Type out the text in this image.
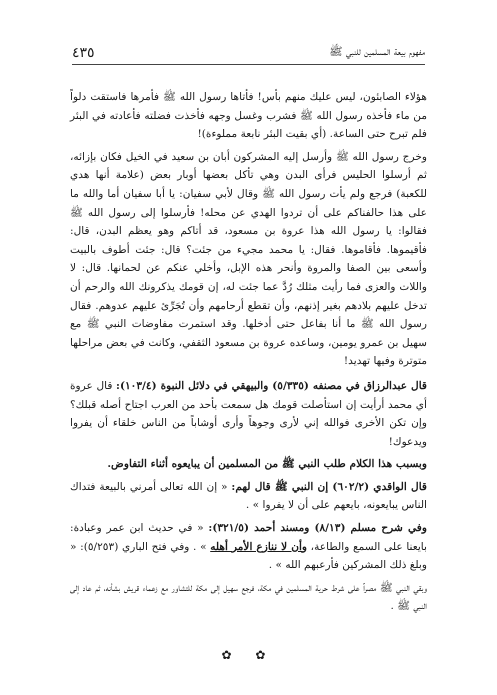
٤٣٥	مفهوم بيعة المسلمين للنبي ﷺ

هؤلاء الصابئون، ليس عليك منهم بأس! فأتاها رسول الله ﷺ فأمرها فاستقت دلواً من ماء فأخذه رسول الله ﷺ فشرب وغسل وجهه فأخذت فضلته فأعادته في البئر فلم تبرح حتى الساعة. (أي بقيت البئر نابعة مملوءة)!

وخرج رسول الله ﷺ وأرسل إليه المشركون أبان بن سعيد في الخيل فكان بإزائه، ثم أرسلوا الحليس فرأى البدن وهي تأكل بعضها أوبار بعض (علامة أنها هدي للكعبة) فرجع ولم يأت رسول الله ﷺ وقال لأبي سفيان: يا أبا سفيان أما والله ما على هذا حالفناكم على أن تردوا الهدي عن محله! فأرسلوا إلى رسول الله ﷺ فقالوا: يا رسول الله هذا عروة بن مسعود، قد أتاكم وهو يعظم البدن، قال: فأقيموها. فأقاموها. فقال: يا محمد مجيء من جئت؟ قال: جئت أطوف بالبيت وأسعى بين الصفا والمروة وأنحر هذه الإبل، وأخلي عنكم عن لحمانها. قال: لا واللات والعزى فما رأيت مثلك رُدَّ عما جئت له، إن قومك يذكرونك الله والرحم أن تدخل عليهم بلادهم بغير إذنهم، وأن تقطع أرحامهم وأن تُجَرِّئ عليهم عدوهم. فقال رسول الله ﷺ ما أنا بفاعل حتى أدخلها. وقد استمرت مفاوضات النبي ﷺ مع سهيل بن عمرو يومين، وساعده عروة بن مسعود الثقفي، وكانت في بعض مراحلها متوترة وفيها تهديد!

قال عبدالرزاق في مصنفه (٥/٣٣٥) والبيهقي في دلائل النبوة (١٠٣/٤): قال عروة أي محمد أرأيت إن استأصلت قومك هل سمعت بأحد من العرب اجتاح أصله قبلك؟ وإن تكن الأخرى فوالله إني لأرى وجوهاً وأرى أوشاباً من الناس خلقاء أن يفروا ويدعوك!

وبسبب هذا الكلام طلب النبي ﷺ من المسلمين أن يبايعوه أثناء التفاوض.

قال الواقدي (٦٠٢/٢) إن النبي ﷺ قال لهم: « إن الله تعالى أمرني بالبيعة فتداك الناس يبايعونه، بايعهم على أن لا يفروا » .

وفي شرح مسلم (٨/١٣) ومسند أحمد (٣٢١/٥): « في حديث ابن عمر وعبادة: بايعنا على السمع والطاعة، وأن لا ننازع الأمر أهله » . وفي فتح الباري (٥/٢٥٣): « وبلغ ذلك المشركين فأرعبهم الله » .

وبقي النبي ﷺ مصراً على شرط حرية المسلمين في مكة، فرجع سهيل إلى مكة للتشاور مع زعماء قريش بشأنه، ثم عاد إلى النبي ﷺ .

✿ ✿
